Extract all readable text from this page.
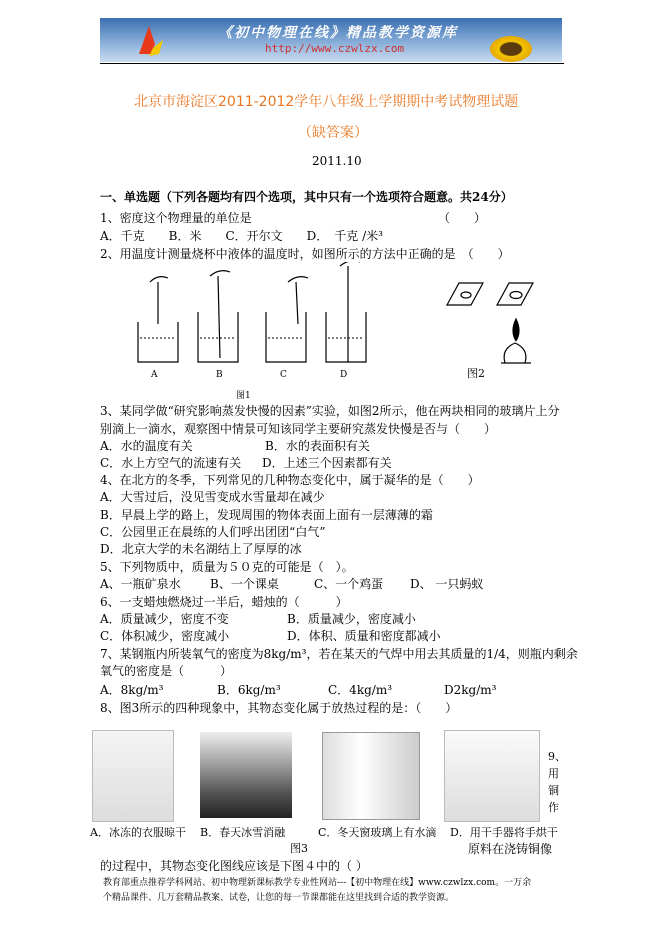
《初中物理在线》精品教学资源库
http://www.czwlzx.com
北京市海淀区2011-2012学年八年级上学期期中考试物理试题
（缺答案）
2011.10
一、单选题（下列各题均有四个选项，其中只有一个选项符合题意。共24分）
1、密度这个物理量的单位是	（　　）
A．千克　　B．米　　C．开尔文　　D．　千克 /米³
2、用温度计测量烧杯中液体的温度时，如图所示的方法中正确的是　（　　）
A	B	C	D
图1
图2
3、某同学做“研究影响蒸发快慢的因素”实验，如图2所示，他在两块相同的玻璃片上分
别滴上一滴水，观察图中情景可知该同学主要研究蒸发快慢是否与（　　）
A．水的温度有关	B．水的表面积有关
C．水上方空气的流速有关 D．上述三个因素都有关
4、在北方的冬季，下列常见的几种物态变化中，属于凝华的是（　　）
A．大雪过后，没见雪变成水雪量却在减少
B．早晨上学的路上，发现周围的物体表面上面有一层薄薄的霜
C．公园里正在晨练的人们呼出团团“白气”
D．北京大学的未名湖结上了厚厚的冰
5、下列物质中，质量为５０克的可能是（　）。
A、一瓶矿泉水 B、一个课桌	C、一个鸡蛋 D、 一只蚂蚁
6、一支蜡烛燃烧过一半后，蜡烛的（　　　）
A．质量减少，密度不变	B．质量减少，密度减小
C．体积减少，密度减小	D．体积、质量和密度都减小
7、某钢瓶内所装氧气的密度为8kg/m³，若在某天的气焊中用去其质量的1/4，则瓶内剩余
氧气的密度是（　　　）
A．8kg/m³	B．6kg/m³	C．4kg/m³	D2kg/m³
8、图3所示的四种现象中，其物态变化属于放热过程的是：（　　）
9、
用
铜
作
A．冰冻的衣服晾干 B．春天冰雪消融	C．冬天窗玻璃上有水滴 D．用干手器将手烘干
图3	原料在浇铸铜像
的过程中，其物态变化图线应该是下图４中的（ ）
教育部重点推荐学科网站、初中物理新课标教学专业性网站---【初中物理在线】www.czwlzx.com。一万余
个精品课件、几万套精品教案、试卷，让您的每一节课都能在这里找到合适的教学资源。
